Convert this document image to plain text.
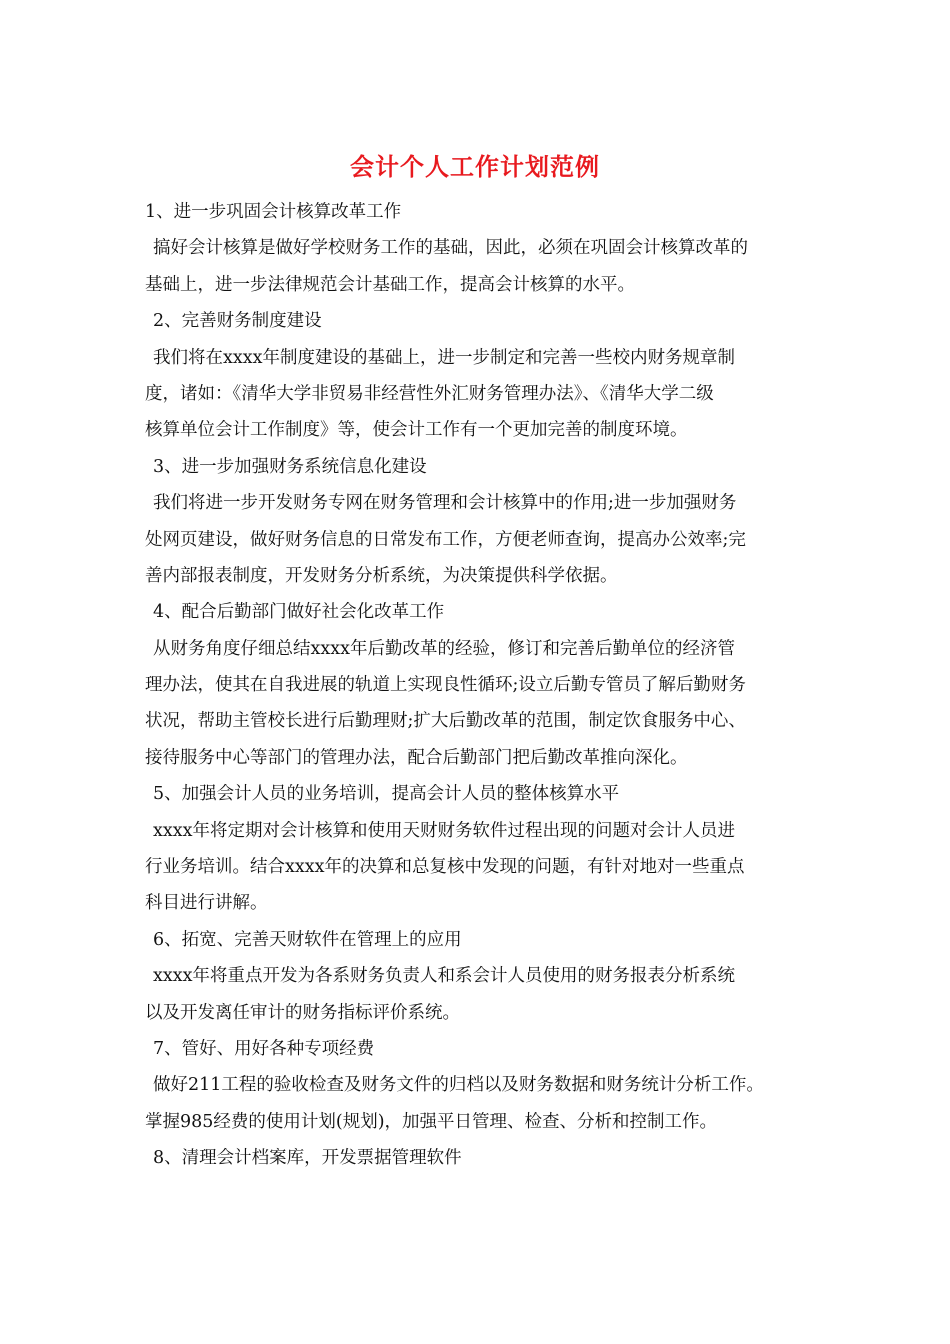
会计个人工作计划范例
1、进一步巩固会计核算改革工作
搞好会计核算是做好学校财务工作的基础，因此，必须在巩固会计核算改革的
基础上，进一步法律规范会计基础工作，提高会计核算的水平。
2、完善财务制度建设
我们将在xxxx年制度建设的基础上，进一步制定和完善一些校内财务规章制
度，诸如：《清华大学非贸易非经营性外汇财务管理办法》、《清华大学二级
核算单位会计工作制度》等，使会计工作有一个更加完善的制度环境。
3、进一步加强财务系统信息化建设
我们将进一步开发财务专网在财务管理和会计核算中的作用;进一步加强财务
处网页建设，做好财务信息的日常发布工作，方便老师查询，提高办公效率;完
善内部报表制度，开发财务分析系统，为决策提供科学依据。
4、配合后勤部门做好社会化改革工作
从财务角度仔细总结xxxx年后勤改革的经验，修订和完善后勤单位的经济管
理办法，使其在自我进展的轨道上实现良性循环;设立后勤专管员了解后勤财务
状况，帮助主管校长进行后勤理财;扩大后勤改革的范围，制定饮食服务中心、
接待服务中心等部门的管理办法，配合后勤部门把后勤改革推向深化。
5、加强会计人员的业务培训，提高会计人员的整体核算水平
xxxx年将定期对会计核算和使用天财财务软件过程出现的问题对会计人员进
行业务培训。结合xxxx年的决算和总复核中发现的问题，有针对地对一些重点
科目进行讲解。
6、拓宽、完善天财软件在管理上的应用
xxxx年将重点开发为各系财务负责人和系会计人员使用的财务报表分析系统
以及开发离任审计的财务指标评价系统。
7、管好、用好各种专项经费
做好211工程的验收检查及财务文件的归档以及财务数据和财务统计分析工作。
掌握985经费的使用计划(规划)，加强平日管理、检查、分析和控制工作。
8、清理会计档案库，开发票据管理软件
